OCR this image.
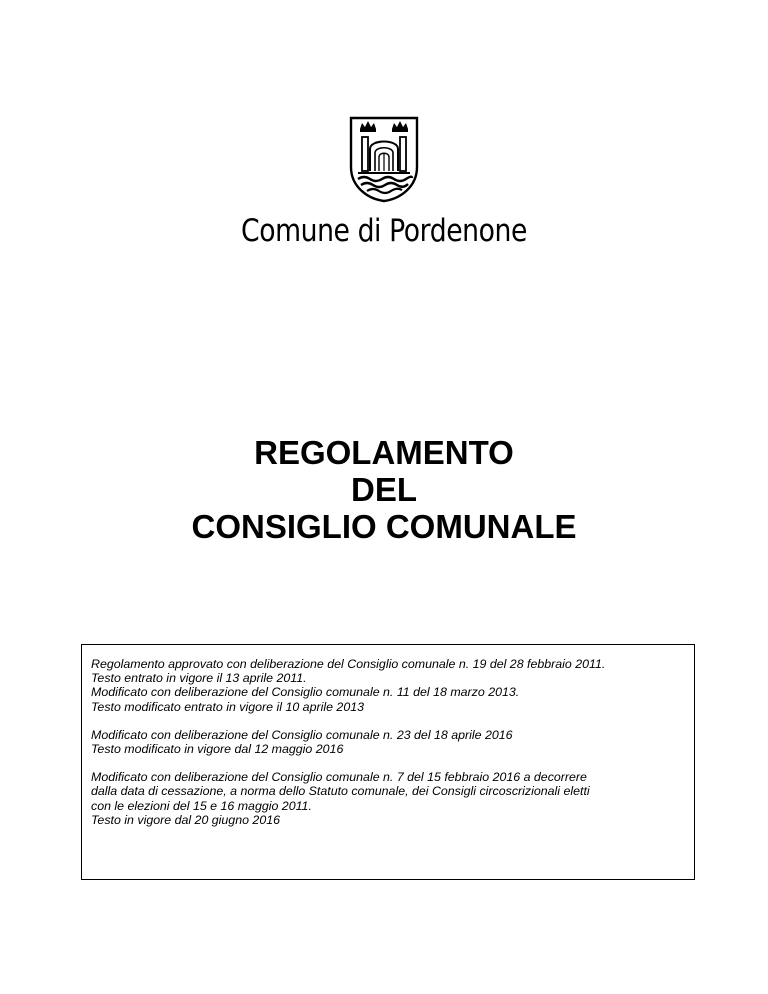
Comune di Pordenone
REGOLAMENTO
DEL
CONSIGLIO COMUNALE
Regolamento approvato con deliberazione del Consiglio comunale n. 19 del 28 febbraio 2011.
Testo entrato in vigore il 13 aprile 2011.
Modificato con deliberazione del Consiglio comunale n. 11 del 18 marzo 2013.
Testo modificato entrato in vigore il 10 aprile 2013
Modificato con deliberazione del Consiglio comunale n. 23 del 18 aprile 2016
Testo modificato in vigore dal 12 maggio 2016
Modificato con deliberazione del Consiglio comunale n. 7 del 15 febbraio 2016 a decorrere
dalla data di cessazione, a norma dello Statuto comunale, dei Consigli circoscrizionali eletti
con le elezioni del 15 e 16 maggio 2011.
Testo in vigore dal 20 giugno 2016
